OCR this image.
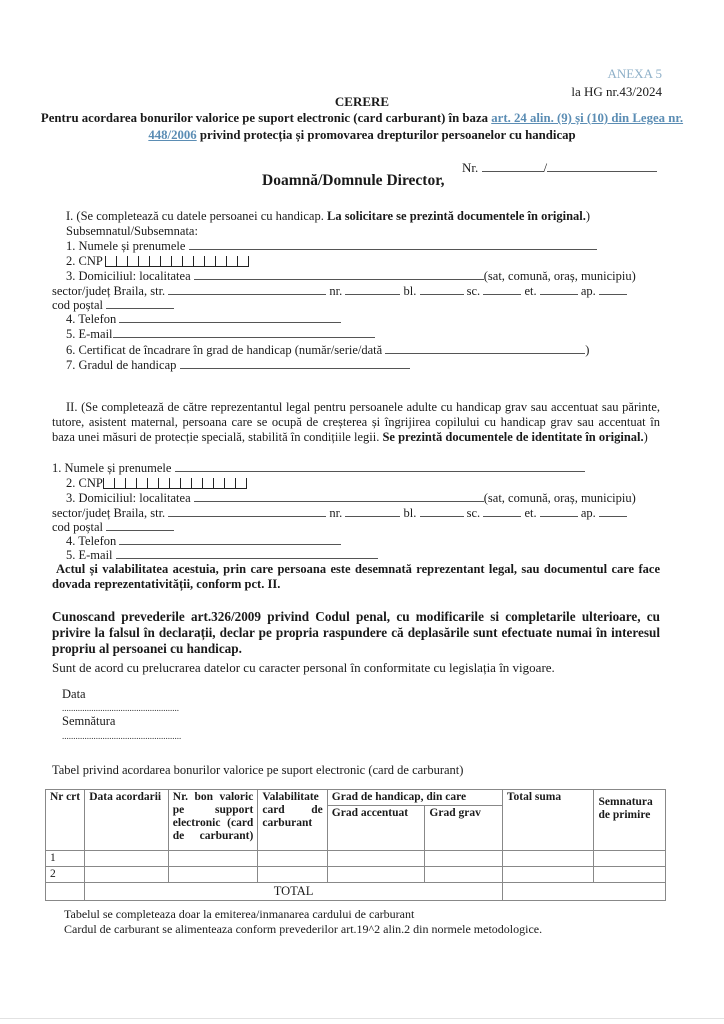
ANEXA 5
la HG nr.43/2024
CERERE
Pentru acordarea bonurilor valorice pe suport electronic (card carburant) în baza art. 24 alin. (9) și (10) din Legea nr. 448/2006 privind protecția și promovarea drepturilor persoanelor cu handicap
Nr.	/
Doamnă/Domnule Director,
I. (Se completează cu datele persoanei cu handicap. La solicitare se prezintă documentele în original.)
Subsemnatul/Subsemnata:
1. Numele și prenumele
2. CNP
3. Domiciliul: localitatea	(sat, comună, oraș, municipiu)
sector/județ Braila, str.	nr.	bl.	sc.	et.	ap.
cod poștal
4. Telefon
5. E-mail
6. Certificat de încadrare în grad de handicap (număr/serie/dată	)
7. Gradul de handicap
II. (Se completează de către reprezentantul legal pentru persoanele adulte cu handicap grav sau accentuat sau părinte, tutore, asistent maternal, persoana care se ocupă de creșterea și îngrijirea copilului cu handicap grav sau accentuat în baza unei măsuri de protecție specială, stabilită în condițiile legii. Se prezintă documentele de identitate în original.)
1. Numele și prenumele
2. CNP
3. Domiciliul: localitatea	(sat, comună, oraș, municipiu)
sector/județ Braila, str.	nr.	bl.	sc.	et.	ap.
cod poștal
4. Telefon
5. E-mail
Actul și valabilitatea acestuia, prin care persoana este desemnată reprezentant legal, sau documentul care face dovada reprezentativității, conform pct. II.
Cunoscand prevederile art.326/2009 privind Codul penal, cu modificarile si completarile ulterioare, cu privire la falsul în declarații, declar pe propria raspundere că deplasările sunt efectuate numai în interesul propriu al persoanei cu handicap.
Sunt de acord cu prelucrarea datelor cu caracter personal în conformitate cu legislația în vigoare.
Data
....................................................
Semnătura
.....................................................
Tabel privind acordarea bonurilor valorice pe suport electronic (card de carburant)
Nr crt	Data acordarii	Nr. bon valoric pe support electronic (card de carburant)	Valabilitate card de carburant	Grad de handicap, din care		Total suma	Semnatura de primire
				Grad accentuat	Grad grav		
1							
2							
	TOTAL						
Tabelul se completeaza doar la emiterea/inmanarea cardului de carburant
Cardul de carburant se alimenteaza conform prevederilor art.19^2 alin.2 din normele metodologice.
